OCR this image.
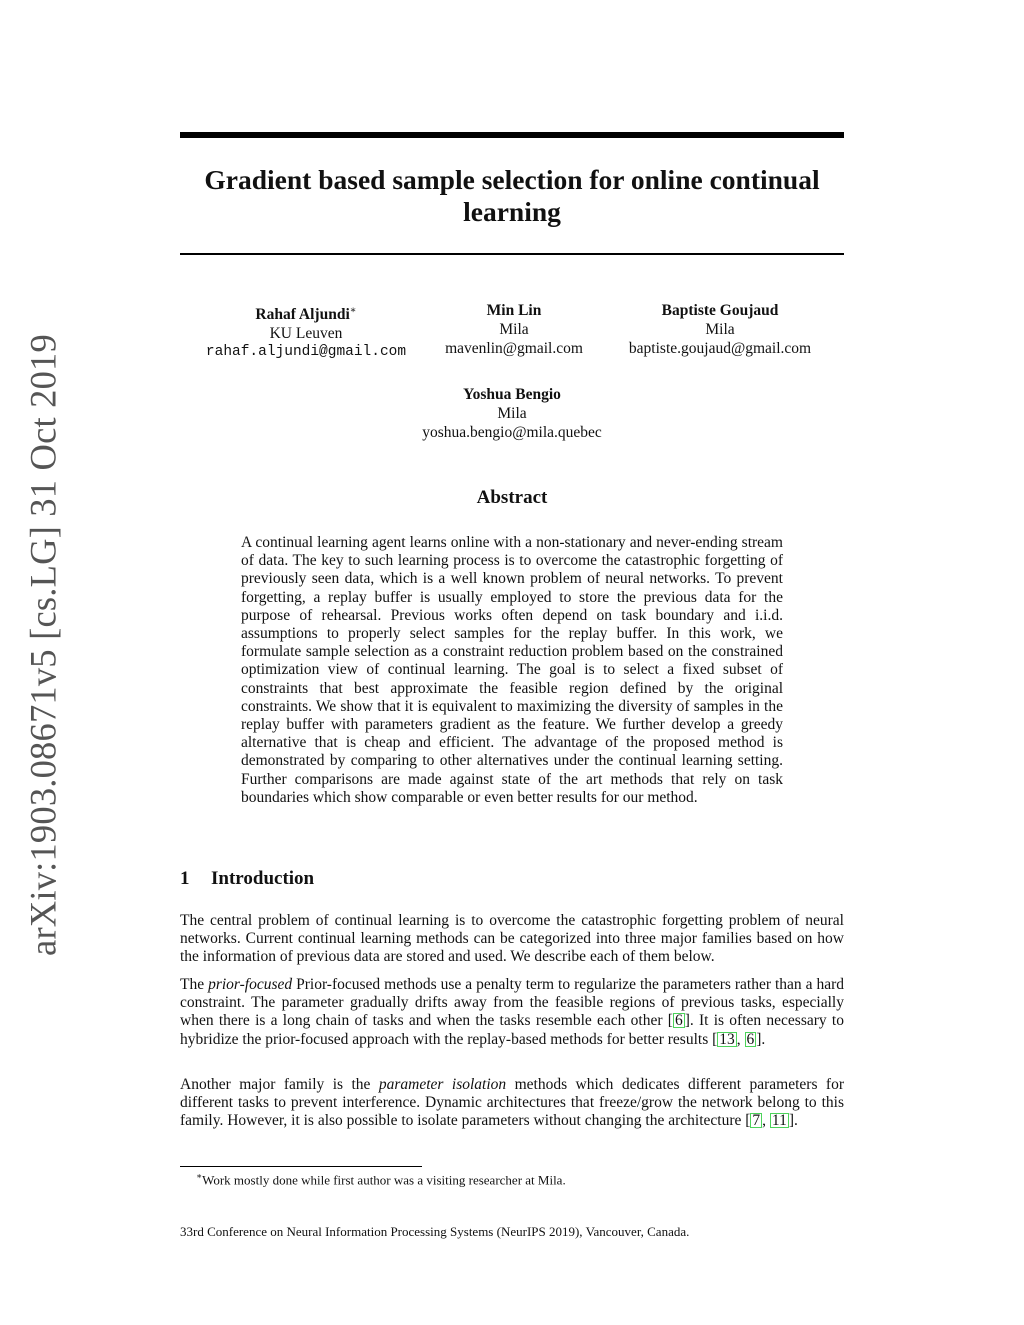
arXiv:1903.08671v5 [cs.LG] 31 Oct 2019
Gradient based sample selection for online continual
learning
Rahaf Aljundi∗
KU Leuven
rahaf.aljundi@gmail.com
Min Lin
Mila
mavenlin@gmail.com
Baptiste Goujaud
Mila
baptiste.goujaud@gmail.com
Yoshua Bengio
Mila
yoshua.bengio@mila.quebec
Abstract
A continual learning agent learns online with a non-stationary and never-ending stream of data. The key to such learning process is to overcome the catastrophic forgetting of previously seen data, which is a well known problem of neural networks. To prevent forgetting, a replay buffer is usually employed to store the previous data for the purpose of rehearsal. Previous works often depend on task boundary and i.i.d. assumptions to properly select samples for the replay buffer. In this work, we formulate sample selection as a constraint reduction problem based on the constrained optimization view of continual learning. The goal is to select a fixed subset of constraints that best approximate the feasible region defined by the original constraints. We show that it is equivalent to maximizing the diversity of samples in the replay buffer with parameters gradient as the feature. We further develop a greedy alternative that is cheap and efficient. The advantage of the proposed method is demonstrated by comparing to other alternatives under the continual learning setting. Further comparisons are made against state of the art methods that rely on task boundaries which show comparable or even better results for our method.
1 Introduction

The central problem of continual learning is to overcome the catastrophic forgetting problem of neural networks. Current continual learning methods can be categorized into three major families based on how the information of previous data are stored and used. We describe each of them below.

The prior-focused Prior-focused methods use a penalty term to regularize the parameters rather than a hard constraint. The parameter gradually drifts away from the feasible regions of previous tasks, especially when there is a long chain of tasks and when the tasks resemble each other [ 6 ]. It is often necessary to hybridize the prior-focused approach with the replay-based methods for better results [ 13 , 6 ].

Another major family is the parameter isolation methods which dedicates different parameters for different tasks to prevent interference. Dynamic architectures that freeze/grow the network belong to this family. However, it is also possible to isolate parameters without changing the architecture [ 7 , 11 ].

∗Work mostly done while first author was a visiting researcher at Mila.
33rd Conference on Neural Information Processing Systems (NeurIPS 2019), Vancouver, Canada.
